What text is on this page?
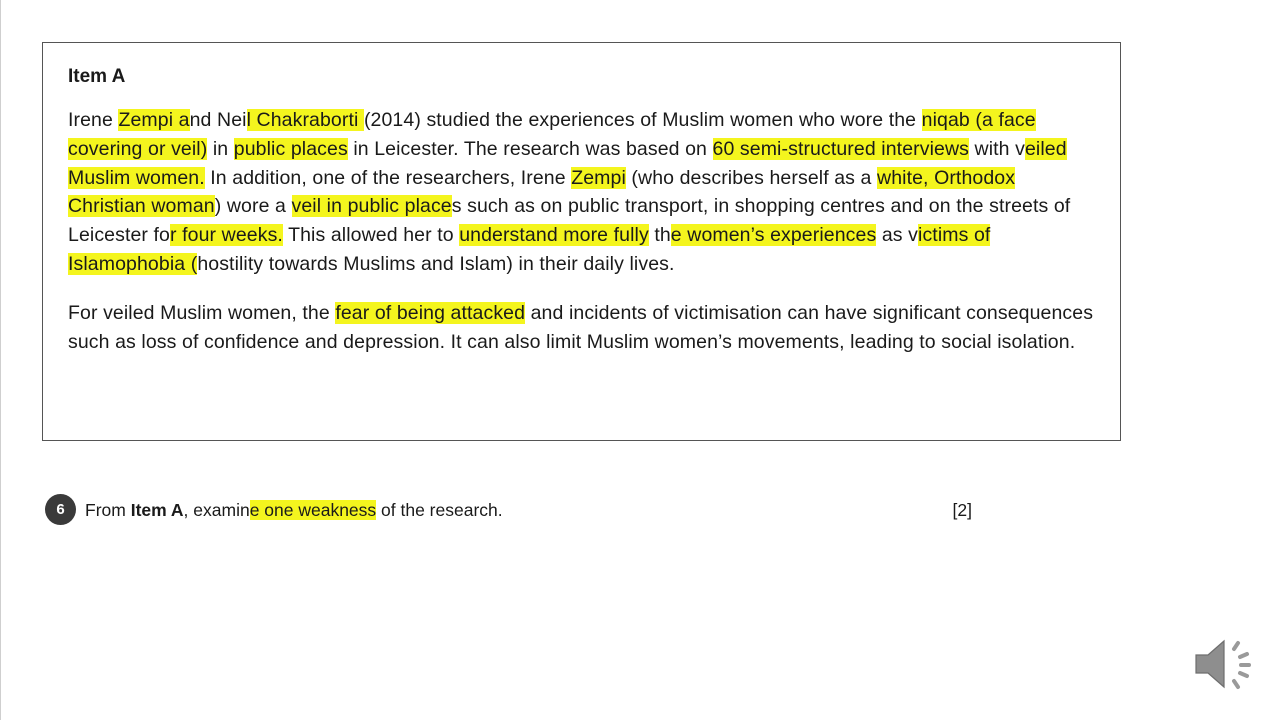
Item A

Irene Zempi and Neil Chakraborti (2014) studied the experiences of Muslim women who wore the niqab (a face covering or veil) in public places in Leicester. The research was based on 60 semi-structured interviews with veiled Muslim women. In addition, one of the researchers, Irene Zempi (who describes herself as a white, Orthodox Christian woman) wore a veil in public places such as on public transport, in shopping centres and on the streets of Leicester for four weeks. This allowed her to understand more fully the women’s experiences as victims of Islamophobia (hostility towards Muslims and Islam) in their daily lives.

For veiled Muslim women, the fear of being attacked and incidents of victimisation can have significant consequences such as loss of confidence and depression. It can also limit Muslim women’s movements, leading to social isolation.

6	From Item A, examine one weakness of the research.	[2]
